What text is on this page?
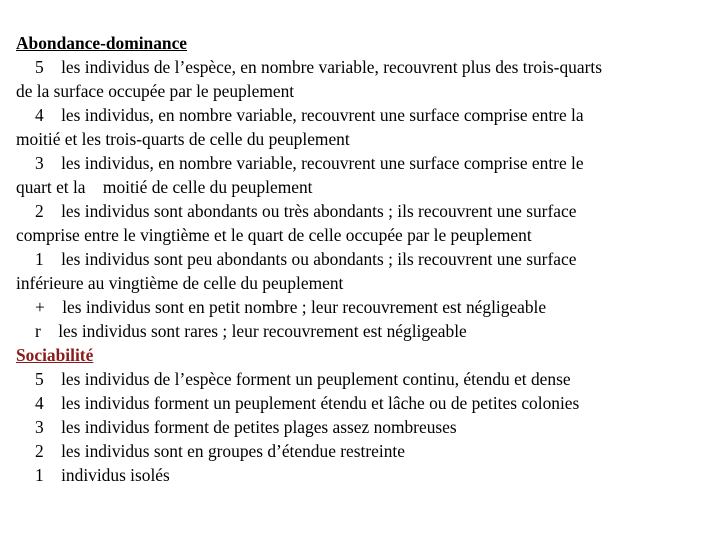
Abondance-dominance
5 les individus de l’espèce, en nombre variable, recouvrent plus des trois-quarts
de la surface occupée par le peuplement
4 les individus, en nombre variable, recouvrent une surface comprise entre la
moitié et les trois-quarts de celle du peuplement
3 les individus, en nombre variable, recouvrent une surface comprise entre le
quart et la    moitié de celle du peuplement
2 les individus sont abondants ou très abondants ; ils recouvrent une surface
comprise entre le vingtième et le quart de celle occupée par le peuplement
1 les individus sont peu abondants ou abondants ; ils recouvrent une surface
inférieure au vingtième de celle du peuplement
+ les individus sont en petit nombre ; leur recouvrement est négligeable
r les individus sont rares ; leur recouvrement est négligeable
Sociabilité
5 les individus de l’espèce forment un peuplement continu, étendu et dense
4 les individus forment un peuplement étendu et lâche ou de petites colonies
3 les individus forment de petites plages assez nombreuses
2 les individus sont en groupes d’étendue restreinte
1 individus isolés
